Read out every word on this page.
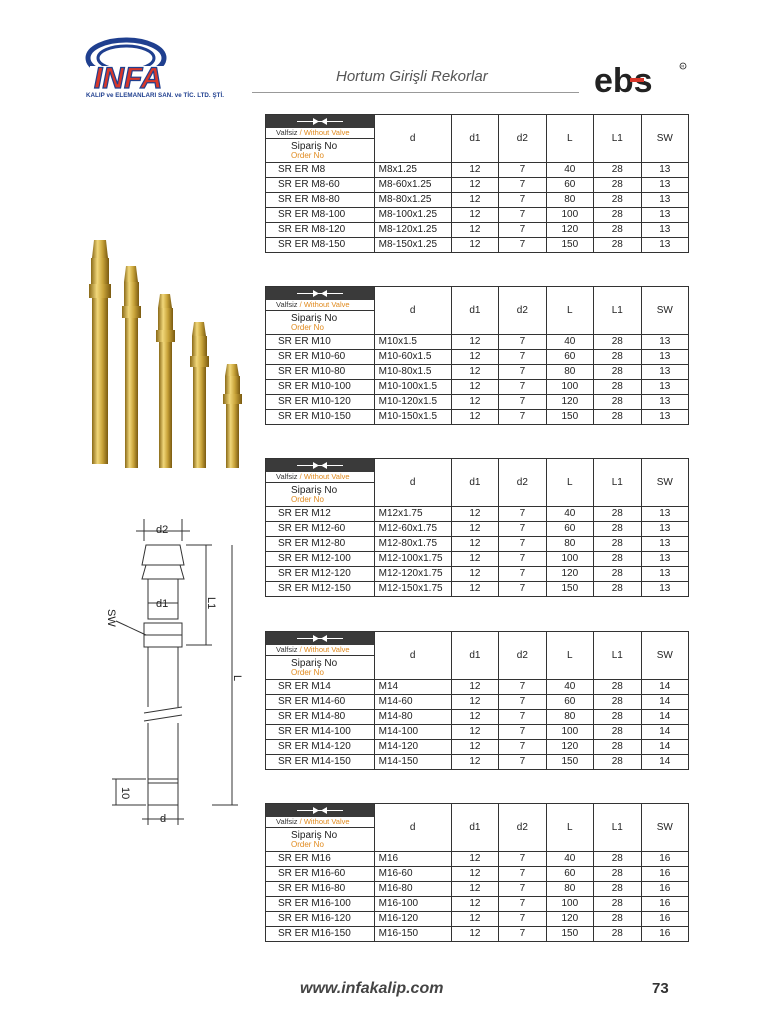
INFA
KALIP ve ELEMANLARI SAN. ve TİC. LTD. ŞTİ.
Hortum Girişli Rekorlar	ebs	R
d2
d1
SW
L1
L
10
d
Valfsiz / Without Valve
Sipariş No
Order No	d	d1	d2	L	L1	SW
SR ER M8	M8x1.25	12	7	40	28	13
SR ER M8-60	M8-60x1.25	12	7	60	28	13
SR ER M8-80	M8-80x1.25	12	7	80	28	13
SR ER M8-100	M8-100x1.25	12	7	100	28	13
SR ER M8-120	M8-120x1.25	12	7	120	28	13
SR ER M8-150	M8-150x1.25	12	7	150	28	13
Valfsiz / Without Valve
Sipariş No
Order No	d	d1	d2	L	L1	SW
SR ER M10	M10x1.5	12	7	40	28	13
SR ER M10-60	M10-60x1.5	12	7	60	28	13
SR ER M10-80	M10-80x1.5	12	7	80	28	13
SR ER M10-100	M10-100x1.5	12	7	100	28	13
SR ER M10-120	M10-120x1.5	12	7	120	28	13
SR ER M10-150	M10-150x1.5	12	7	150	28	13
Valfsiz / Without Valve
Sipariş No
Order No	d	d1	d2	L	L1	SW
SR ER M12	M12x1.75	12	7	40	28	13
SR ER M12-60	M12-60x1.75	12	7	60	28	13
SR ER M12-80	M12-80x1.75	12	7	80	28	13
SR ER M12-100	M12-100x1.75	12	7	100	28	13
SR ER M12-120	M12-120x1.75	12	7	120	28	13
SR ER M12-150	M12-150x1.75	12	7	150	28	13
Valfsiz / Without Valve
Sipariş No
Order No	d	d1	d2	L	L1	SW
SR ER M14	M14	12	7	40	28	14
SR ER M14-60	M14-60	12	7	60	28	14
SR ER M14-80	M14-80	12	7	80	28	14
SR ER M14-100	M14-100	12	7	100	28	14
SR ER M14-120	M14-120	12	7	120	28	14
SR ER M14-150	M14-150	12	7	150	28	14
Valfsiz / Without Valve
Sipariş No
Order No	d	d1	d2	L	L1	SW
SR ER M16	M16	12	7	40	28	16
SR ER M16-60	M16-60	12	7	60	28	16
SR ER M16-80	M16-80	12	7	80	28	16
SR ER M16-100	M16-100	12	7	100	28	16
SR ER M16-120	M16-120	12	7	120	28	16
SR ER M16-150	M16-150	12	7	150	28	16
www.infakalip.com	73
